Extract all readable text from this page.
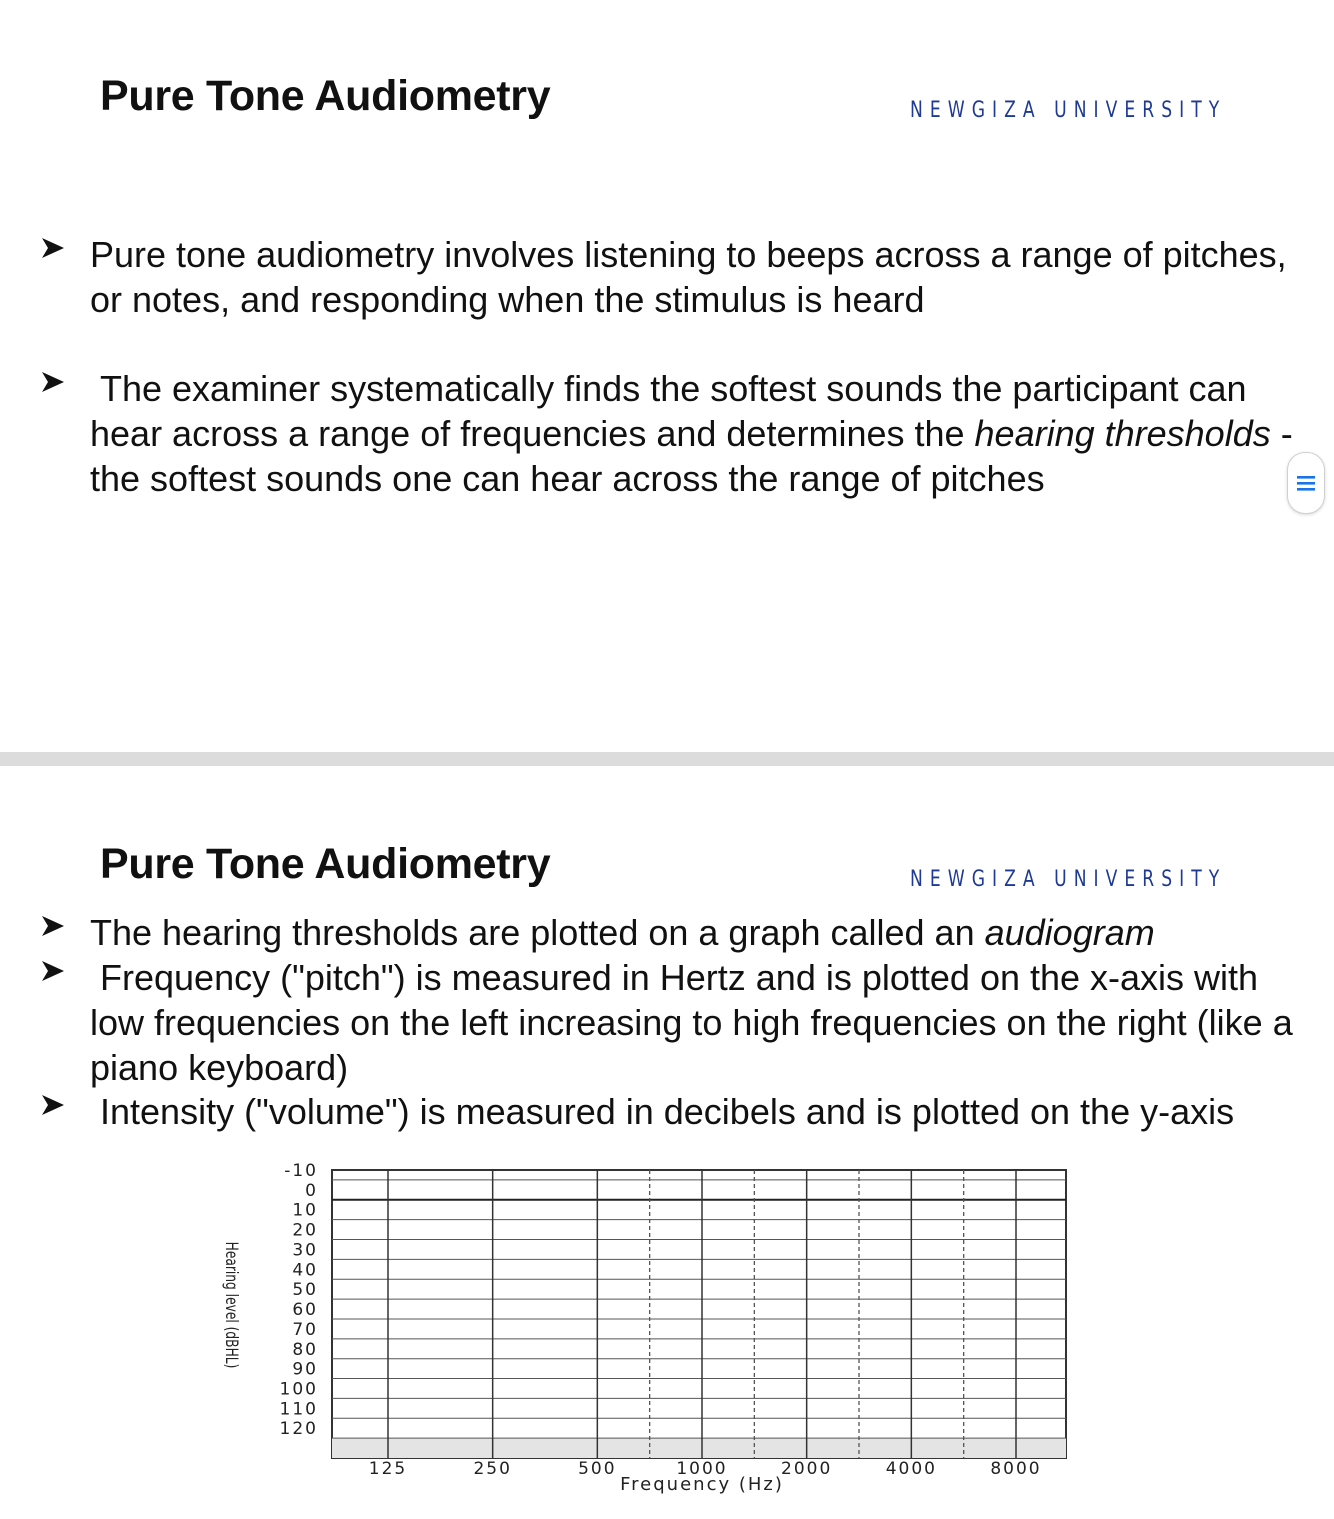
Pure Tone Audiometry	NEWGIZA UNIVERSITY
Pure tone audiometry involves listening to beeps across a range of pitches, or notes, and responding when the stimulus is heard
The examiner systematically finds the softest sounds the participant can hear across a range of frequencies and determines the hearing thresholds - the softest sounds one can hear across the range of pitches
Pure Tone Audiometry	NEWGIZA UNIVERSITY
The hearing thresholds are plotted on a graph called an audiogram
Frequency ("pitch") is measured in Hertz and is plotted on the x-axis with low frequencies on the left increasing to high frequencies on the right (like a piano keyboard)
Intensity ("volume") is measured in decibels and is plotted on the y-axis
-10
0
10
20
30
40
50
60
70
80
90
100
110
120
125	250	500	1000	2000	4000	8000
Hearing level (dBHL)
Frequency (Hz)
